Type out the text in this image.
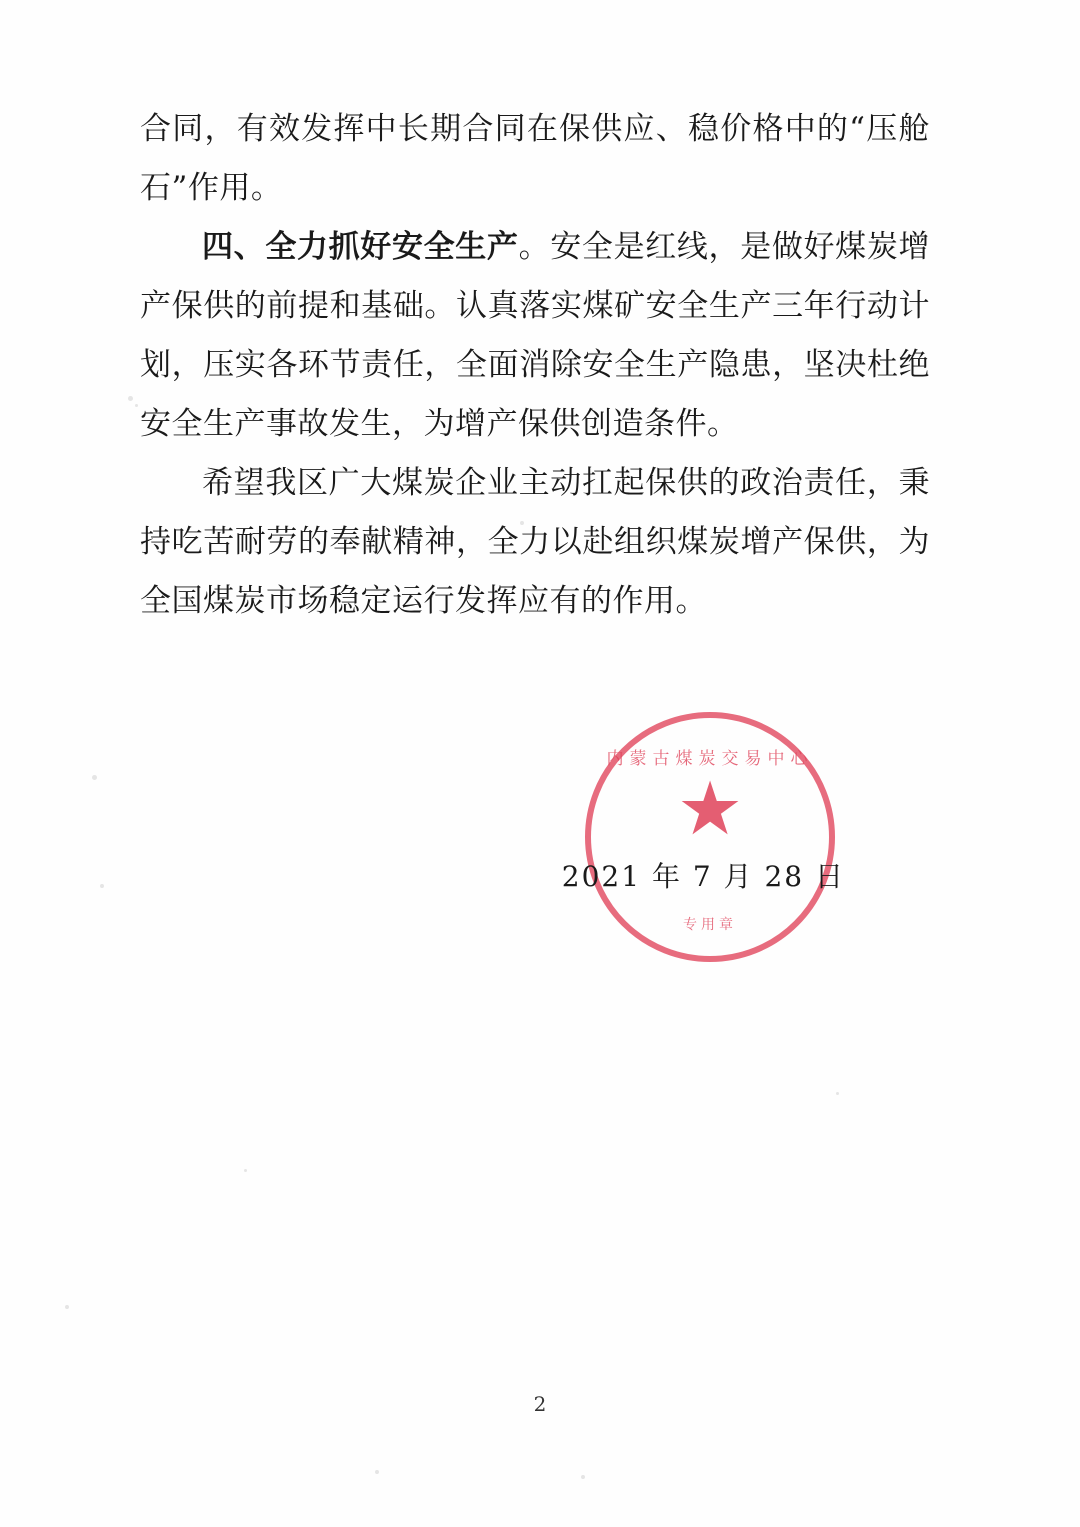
合同，有效发挥中长期合同在保供应、稳价格中的“压舱石”作用。

四、全力抓好安全生产。安全是红线，是做好煤炭增产保供的前提和基础。认真落实煤矿安全生产三年行动计划，压实各环节责任，全面消除安全生产隐患，坚决杜绝安全生产事故发生，为增产保供创造条件。

希望我区广大煤炭企业主动扛起保供的政治责任，秉持吃苦耐劳的奉献精神，全力以赴组织煤炭增产保供，为全国煤炭市场稳定运行发挥应有的作用。

内蒙古煤炭交易中心
★
专用章
2021 年 7 月 28 日
2
